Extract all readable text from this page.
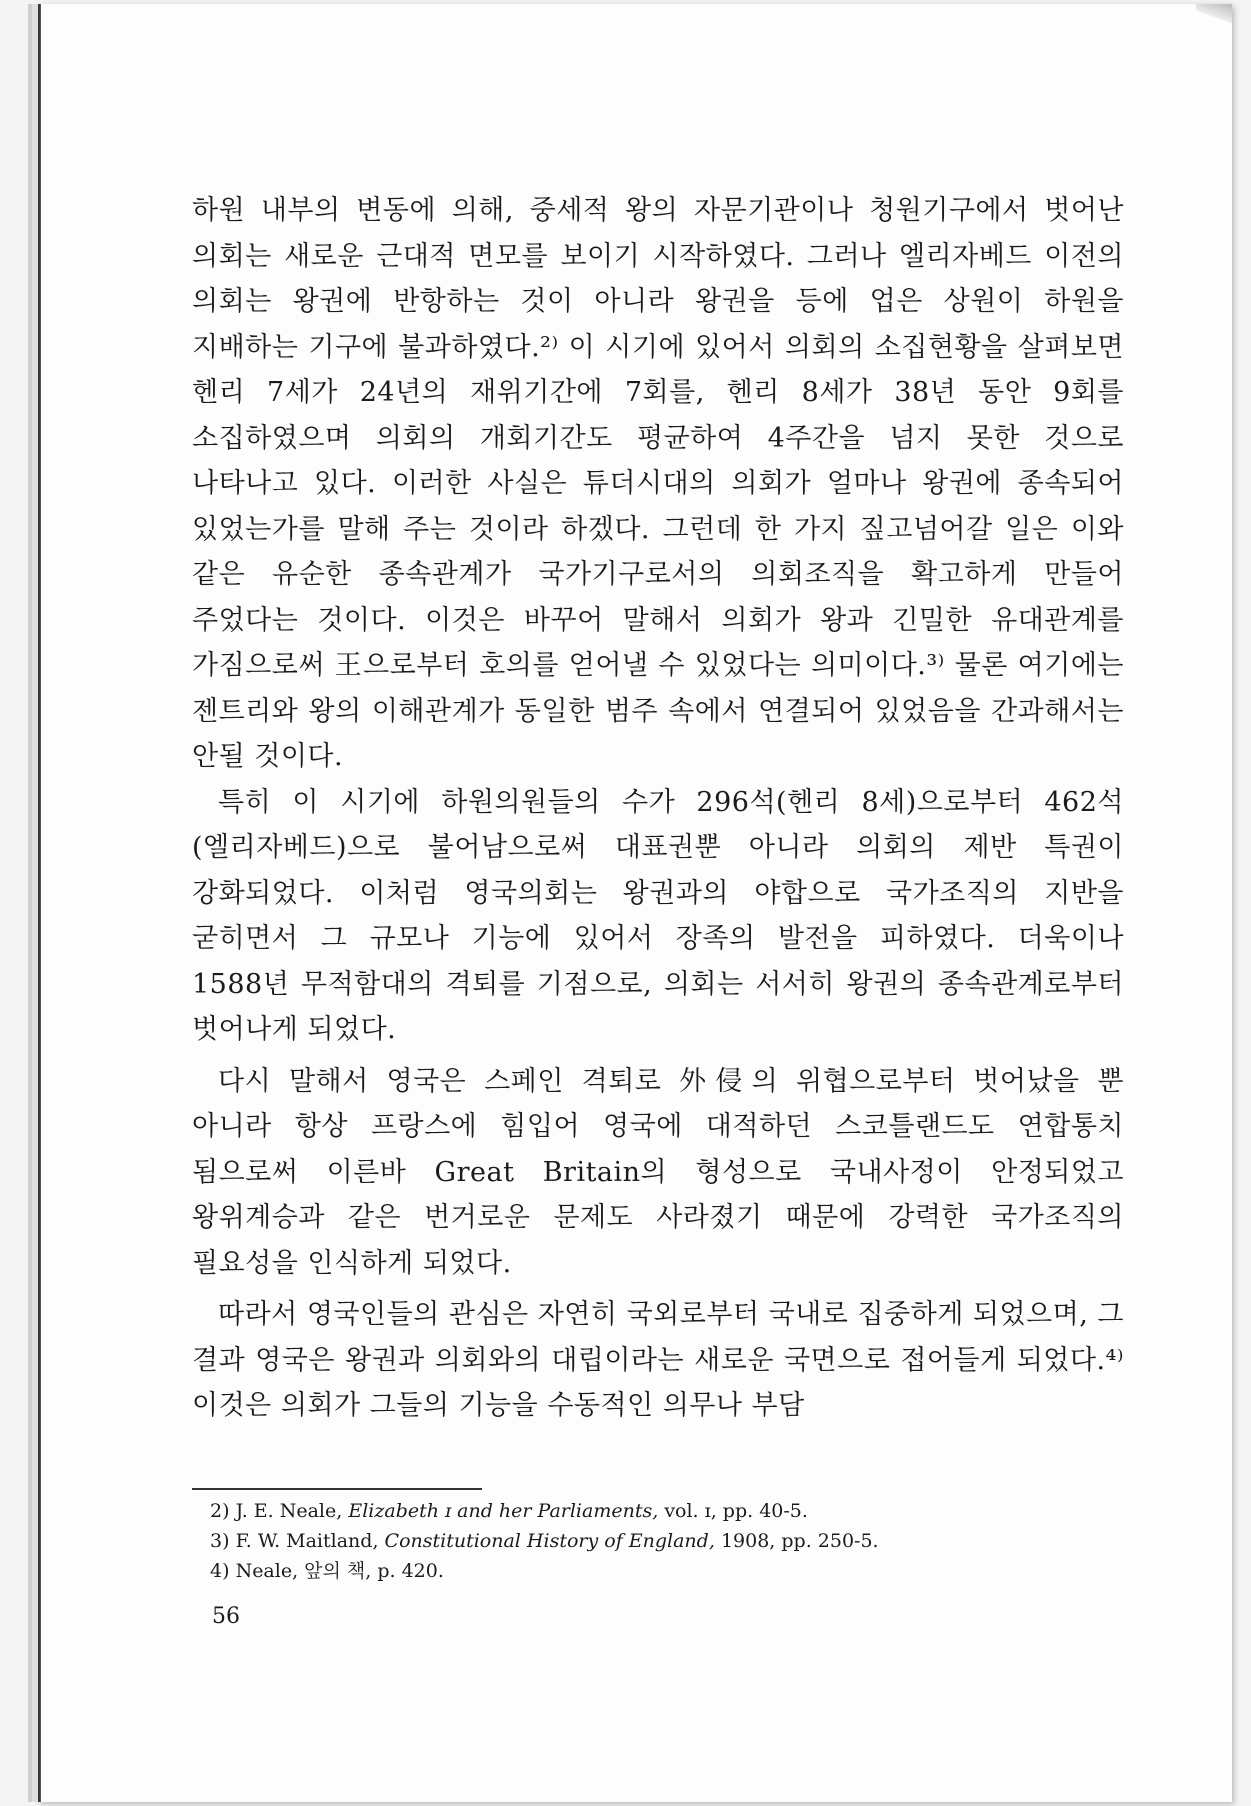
하원 내부의 변동에 의해, 중세적 왕의 자문기관이나 청원기구에서 벗어난 의회는 새로운 근대적 면모를 보이기 시작하였다. 그러나 엘리자베드 이전의 의회는 왕권에 반항하는 것이 아니라 왕권을 등에 업은 상원이 하원을 지배하는 기구에 불과하였다.²⁾ 이 시기에 있어서 의회의 소집현황을 살펴보면 헨리 7세가 24년의 재위기간에 7회를, 헨리 8세가 38년 동안 9회를 소집하였으며 의회의 개회기간도 평균하여 4주간을 넘지 못한 것으로 나타나고 있다. 이러한 사실은 튜더시대의 의회가 얼마나 왕권에 종속되어 있었는가를 말해 주는 것이라 하겠다. 그런데 한 가지 짚고넘어갈 일은 이와 같은 유순한 종속관계가 국가기구로서의 의회조직을 확고하게 만들어 주었다는 것이다. 이것은 바꾸어 말해서 의회가 왕과 긴밀한 유대관계를 가짐으로써 王으로부터 호의를 얻어낼 수 있었다는 의미이다.³⁾ 물론 여기에는 젠트리와 왕의 이해관계가 동일한 범주 속에서 연결되어 있었음을 간과해서는 안될 것이다.

특히 이 시기에 하원의원들의 수가 296석(헨리 8세)으로부터 462석(엘리자베드)으로 불어남으로써 대표권뿐 아니라 의회의 제반 특권이 강화되었다. 이처럼 영국의회는 왕권과의 야합으로 국가조직의 지반을 굳히면서 그 규모나 기능에 있어서 장족의 발전을 피하였다. 더욱이나 1588년 무적함대의 격퇴를 기점으로, 의회는 서서히 왕권의 종속관계로부터 벗어나게 되었다.

다시 말해서 영국은 스페인 격퇴로 外侵의 위협으로부터 벗어났을 뿐 아니라 항상 프랑스에 힘입어 영국에 대적하던 스코틀랜드도 연합통치 됨으로써 이른바 Great Britain의 형성으로 국내사정이 안정되었고 왕위계승과 같은 번거로운 문제도 사라졌기 때문에 강력한 국가조직의 필요성을 인식하게 되었다.

따라서 영국인들의 관심은 자연히 국외로부터 국내로 집중하게 되었으며, 그 결과 영국은 왕권과 의회와의 대립이라는 새로운 국면으로 접어들게 되었다.⁴⁾ 이것은 의회가 그들의 기능을 수동적인 의무나 부담

2) J. E. Neale, Elizabeth ɪ and her Parliaments, vol. ɪ, pp. 40-5.
3) F. W. Maitland, Constitutional History of England, 1908, pp. 250-5.
4) Neale, 앞의 책, p. 420.
56
